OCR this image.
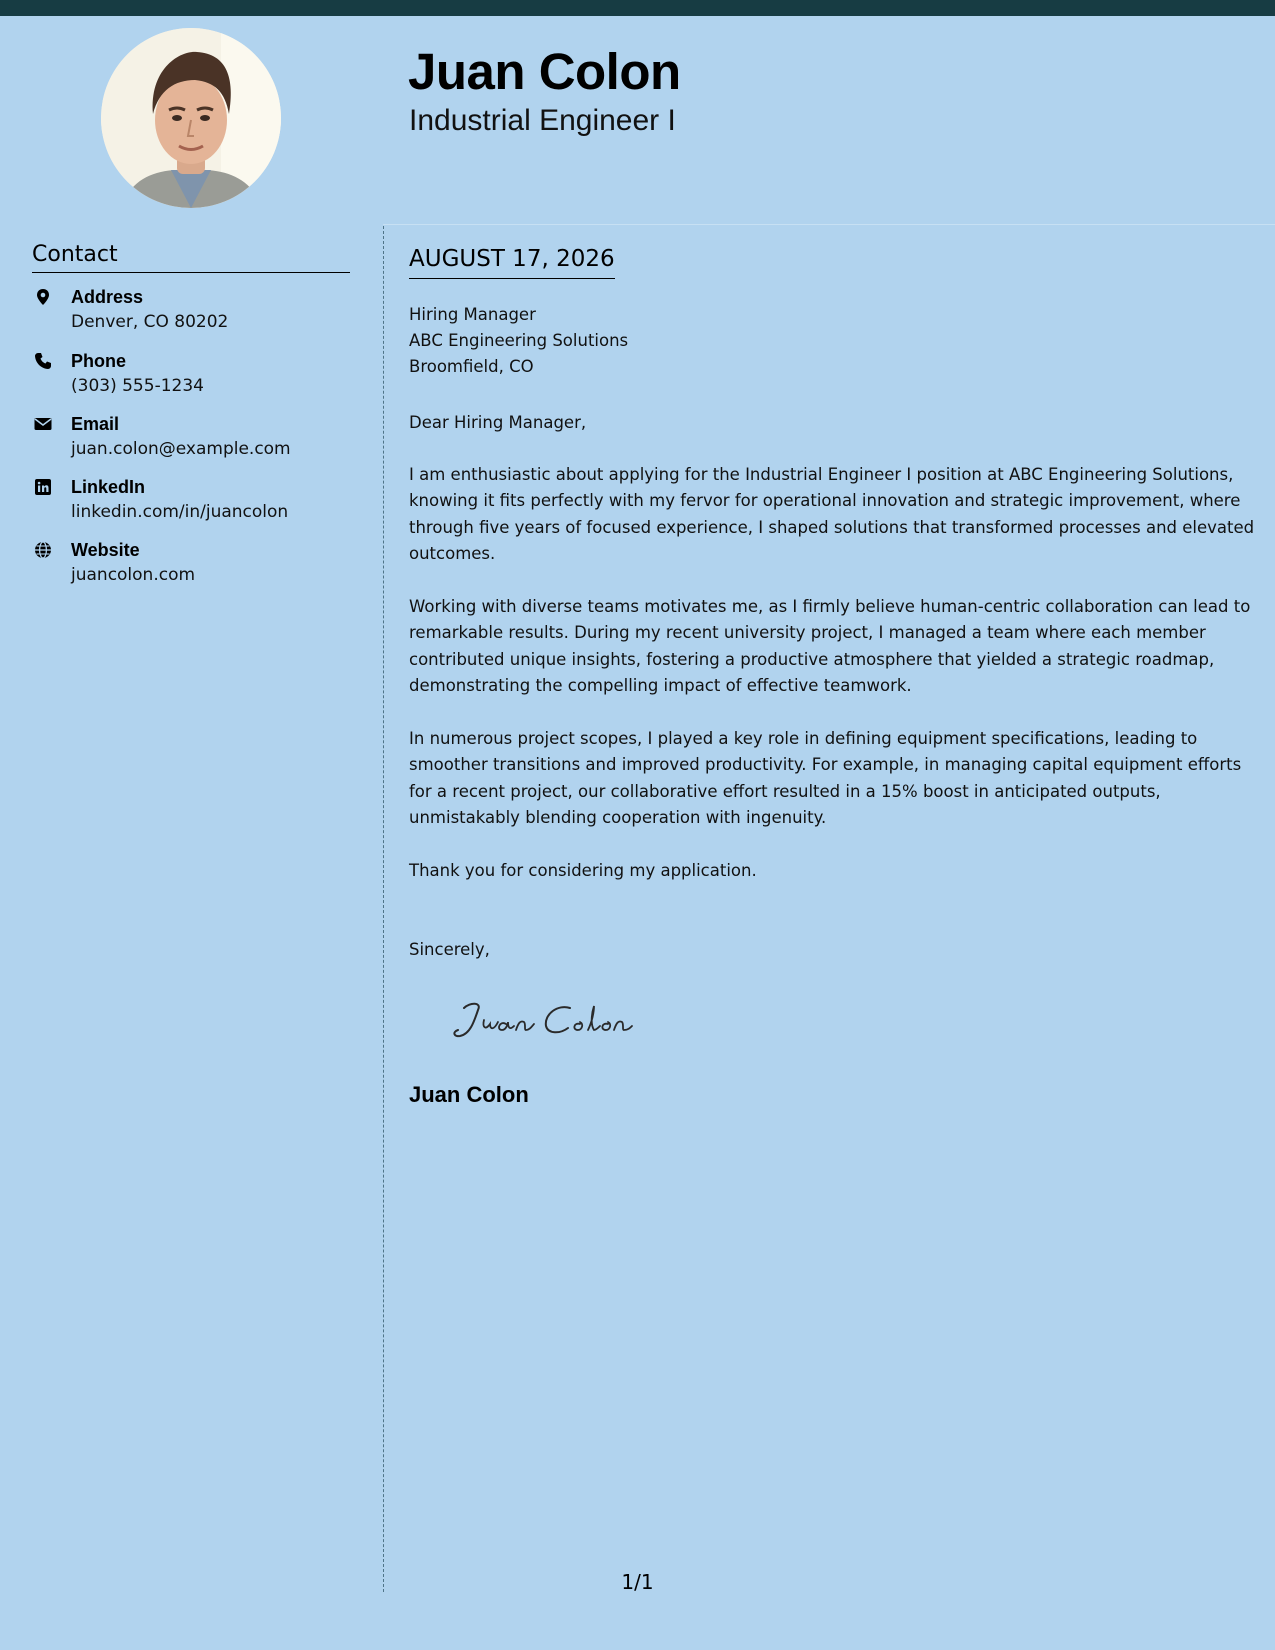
Juan Colon
Industrial Engineer I
Contact
Address
Denver, CO 80202
Phone
(303) 555-1234
Email
juan.colon@example.com
LinkedIn
linkedin.com/in/juancolon
Website
juancolon.com
AUGUST 17, 2026
Hiring Manager
ABC Engineering Solutions
Broomfield, CO
Dear Hiring Manager,
I am enthusiastic about applying for the Industrial Engineer I position at ABC Engineering Solutions, knowing it fits perfectly with my fervor for operational innovation and strategic improvement, where through five years of focused experience, I shaped solutions that transformed processes and elevated outcomes.
Working with diverse teams motivates me, as I firmly believe human-centric collaboration can lead to remarkable results. During my recent university project, I managed a team where each member contributed unique insights, fostering a productive atmosphere that yielded a strategic roadmap, demonstrating the compelling impact of effective teamwork.
In numerous project scopes, I played a key role in defining equipment specifications, leading to smoother transitions and improved productivity. For example, in managing capital equipment efforts for a recent project, our collaborative effort resulted in a 15% boost in anticipated outputs, unmistakably blending cooperation with ingenuity.
Thank you for considering my application.
Sincerely,
Juan Colon
1/1
